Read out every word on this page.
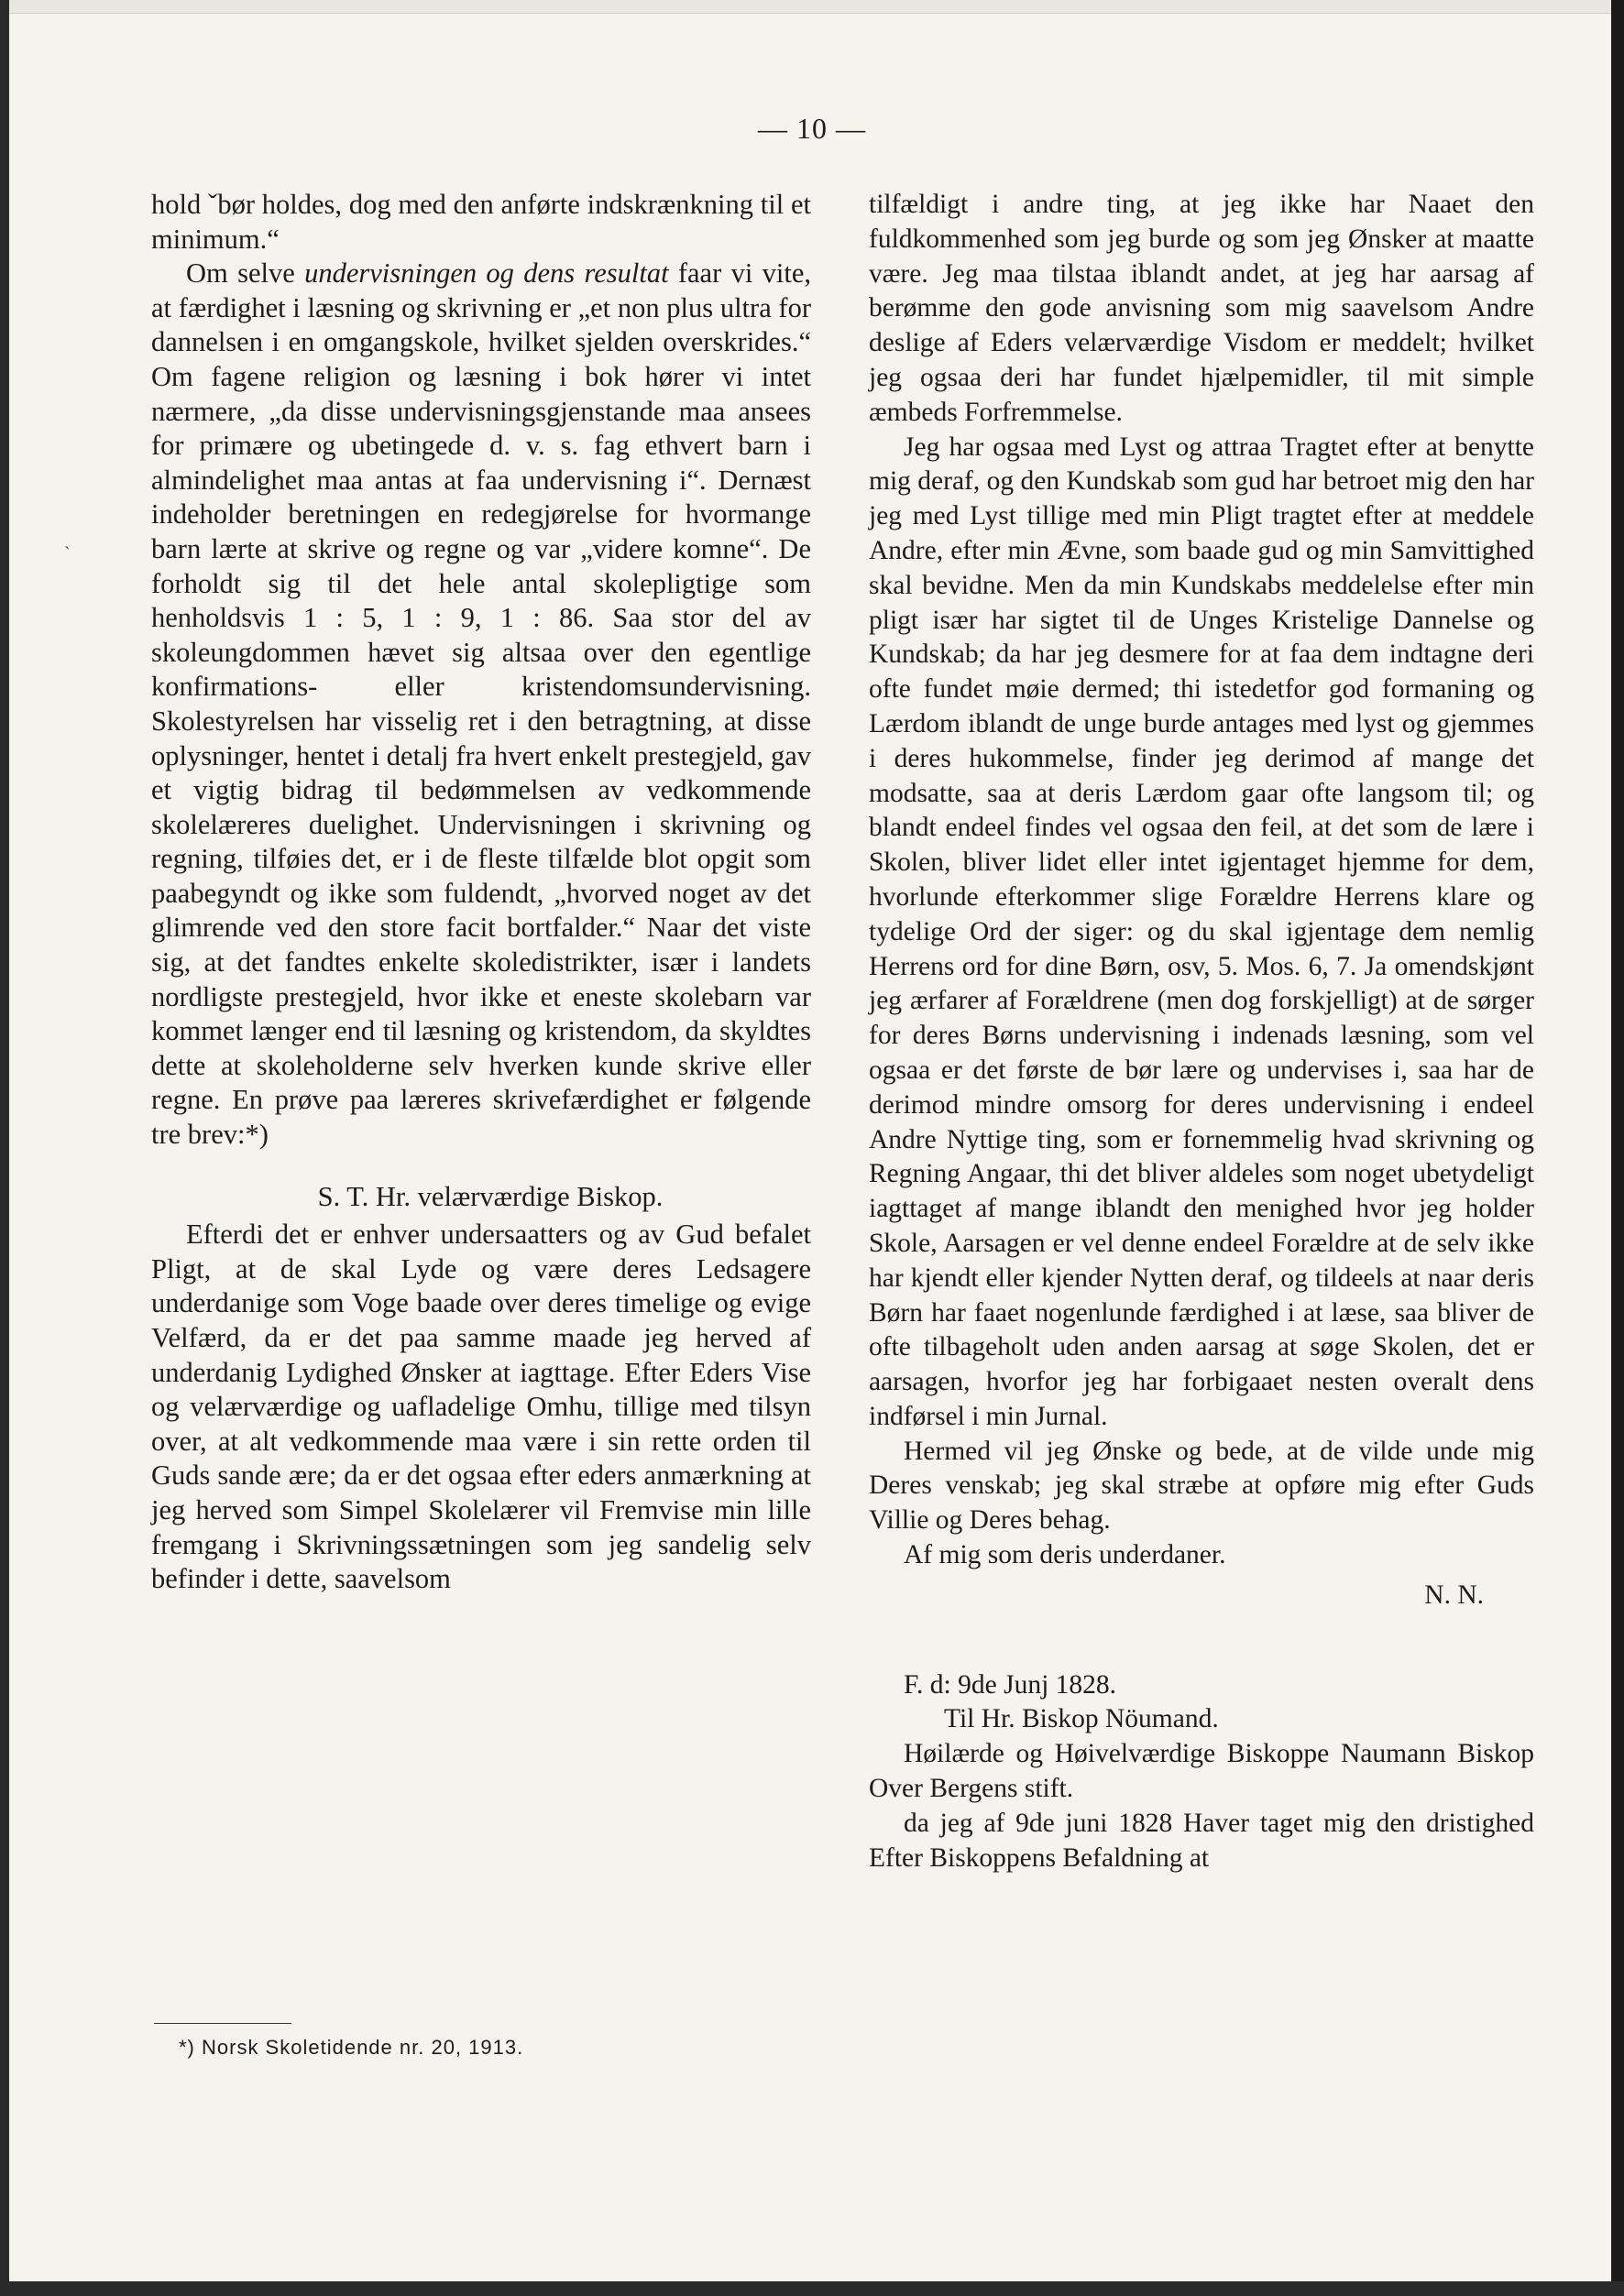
— 10 —
ˎ

hold ˇbør holdes, dog med den anførte indskrænkning til et minimum.“

Om selve undervisningen og dens resultat faar vi vite, at færdighet i læsning og skrivning er „et non plus ultra for dannelsen i en omgangskole, hvilket sjelden overskrides.“ Om fagene religion og læsning i bok hører vi intet nærmere, „da disse undervisningsgjenstande maa ansees for primære og ubetingede d. v. s. fag ethvert barn i almindelighet maa antas at faa undervisning i“. Dernæst indeholder beretningen en redegjørelse for hvormange barn lærte at skrive og regne og var „videre komne“. De forholdt sig til det hele antal skolepligtige som henholdsvis 1 : 5, 1 : 9, 1 : 86. Saa stor del av skoleungdommen hævet sig altsaa over den egentlige konfirmations- eller kristendomsundervisning. Skolestyrelsen har visselig ret i den betragtning, at disse oplysninger, hentet i detalj fra hvert enkelt prestegjeld, gav et vigtig bidrag til bedømmelsen av vedkommende skolelæreres duelighet. Undervisningen i skrivning og regning, tilføies det, er i de fleste tilfælde blot opgit som paabegyndt og ikke som fuldendt, „hvorved noget av det glimrende ved den store facit bortfalder.“ Naar det viste sig, at det fandtes enkelte skoledistrikter, især i landets nordligste prestegjeld, hvor ikke et eneste skolebarn var kommet længer end til læsning og kristendom, da skyldtes dette at skoleholderne selv hverken kunde skrive eller regne. En prøve paa læreres skrivefærdighet er følgende tre brev:*)

S. T. Hr. velærværdige Biskop.

Efterdi det er enhver undersaatters og av Gud befalet Pligt, at de skal Lyde og være deres Ledsagere underdanige som Voge baade over deres timelige og evige Velfærd, da er det paa samme maade jeg herved af underdanig Lydighed Ønsker at iagttage. Efter Eders Vise og velærværdige og uafladelige Omhu, tillige med tilsyn over, at alt vedkommende maa være i sin rette orden til Guds sande ære; da er det ogsaa efter eders anmærkning at jeg herved som Simpel Skolelærer vil Fremvise min lille fremgang i Skrivningssætningen som jeg sandelig selv befinder i dette, saavelsom

*) Norsk Skoletidende nr. 20, 1913.

tilfældigt i andre ting, at jeg ikke har Naaet den fuldkommenhed som jeg burde og som jeg Ønsker at maatte være. Jeg maa tilstaa iblandt andet, at jeg har aarsag af berømme den gode anvisning som mig saavelsom Andre deslige af Eders velærværdige Visdom er meddelt; hvilket jeg ogsaa deri har fundet hjælpemidler, til mit simple æmbeds Forfremmelse.

Jeg har ogsaa med Lyst og attraa Tragtet efter at benytte mig deraf, og den Kundskab som gud har betroet mig den har jeg med Lyst tillige med min Pligt tragtet efter at meddele Andre, efter min Ævne, som baade gud og min Samvittighed skal bevidne. Men da min Kundskabs meddelelse efter min pligt især har sigtet til de Unges Kristelige Dannelse og Kundskab; da har jeg desmere for at faa dem indtagne deri ofte fundet møie dermed; thi istedetfor god formaning og Lærdom iblandt de unge burde antages med lyst og gjemmes i deres hukommelse, finder jeg derimod af mange det modsatte, saa at deris Lærdom gaar ofte langsom til; og blandt endeel findes vel ogsaa den feil, at det som de lære i Skolen, bliver lidet eller intet igjentaget hjemme for dem, hvorlunde efterkommer slige Forældre Herrens klare og tydelige Ord der siger: og du skal igjentage dem nemlig Herrens ord for dine Børn, osv, 5. Mos. 6, 7. Ja omendskjønt jeg ærfarer af Forældrene (men dog forskjelligt) at de sørger for deres Børns undervisning i indenads læsning, som vel ogsaa er det første de bør lære og undervises i, saa har de derimod mindre omsorg for deres undervisning i endeel Andre Nyttige ting, som er fornemmelig hvad skrivning og Regning Angaar, thi det bliver aldeles som noget ubetydeligt iagttaget af mange iblandt den menighed hvor jeg holder Skole, Aarsagen er vel denne endeel Forældre at de selv ikke har kjendt eller kjender Nytten deraf, og tildeels at naar deris Børn har faaet nogenlunde færdighed i at læse, saa bliver de ofte tilbageholt uden anden aarsag at søge Skolen, det er aarsagen, hvorfor jeg har forbigaaet nesten overalt dens indførsel i min Jurnal.

Hermed vil jeg Ønske og bede, at de vilde unde mig Deres venskab; jeg skal stræbe at opføre mig efter Guds Villie og Deres behag.

Af mig som deris underdaner.

N. N.

F. d: 9de Junj 1828.

Til Hr. Biskop Nöumand.

Høilærde og Høivelværdige Biskoppe Naumann Biskop Over Bergens stift.

da jeg af 9de juni 1828 Haver taget mig den dristighed Efter Biskoppens Befaldning at
